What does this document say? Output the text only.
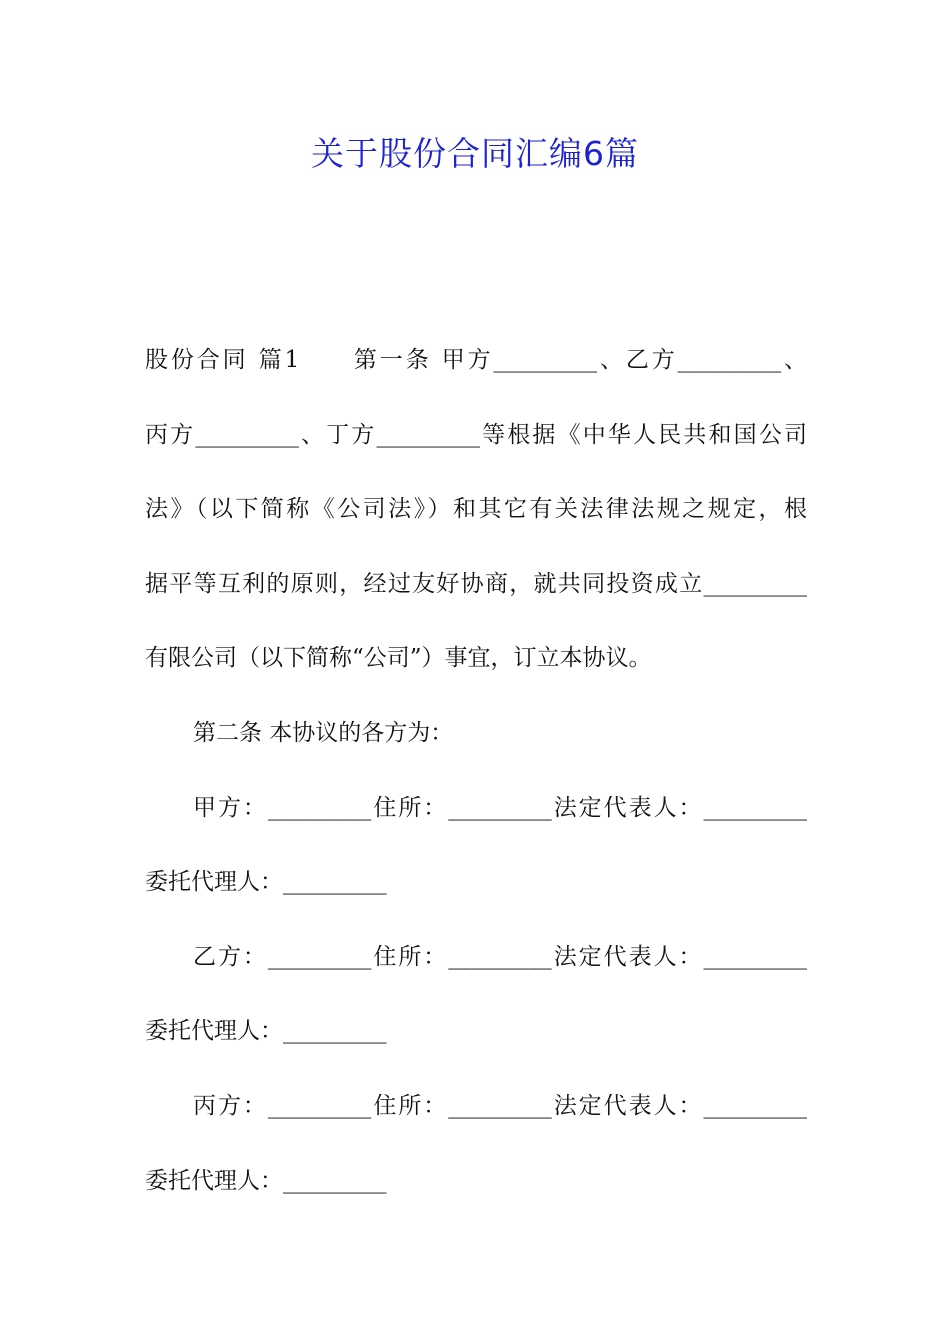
关于股份合同汇编6篇
股份合同 篇1　　第一条 甲方_________、乙方_________、
丙方_________、丁方_________等根据《中华人民共和国公司
法》（以下简称《公司法》）和其它有关法律法规之规定，根
据平等互利的原则，经过友好协商，就共同投资成立_________
有限公司（以下简称“公司”）事宜，订立本协议。
第二条 本协议的各方为：
甲方：_________住所：_________法定代表人：_________
委托代理人：_________
乙方：_________住所：_________法定代表人：_________
委托代理人：_________
丙方：_________住所：_________法定代表人：_________
委托代理人：_________
